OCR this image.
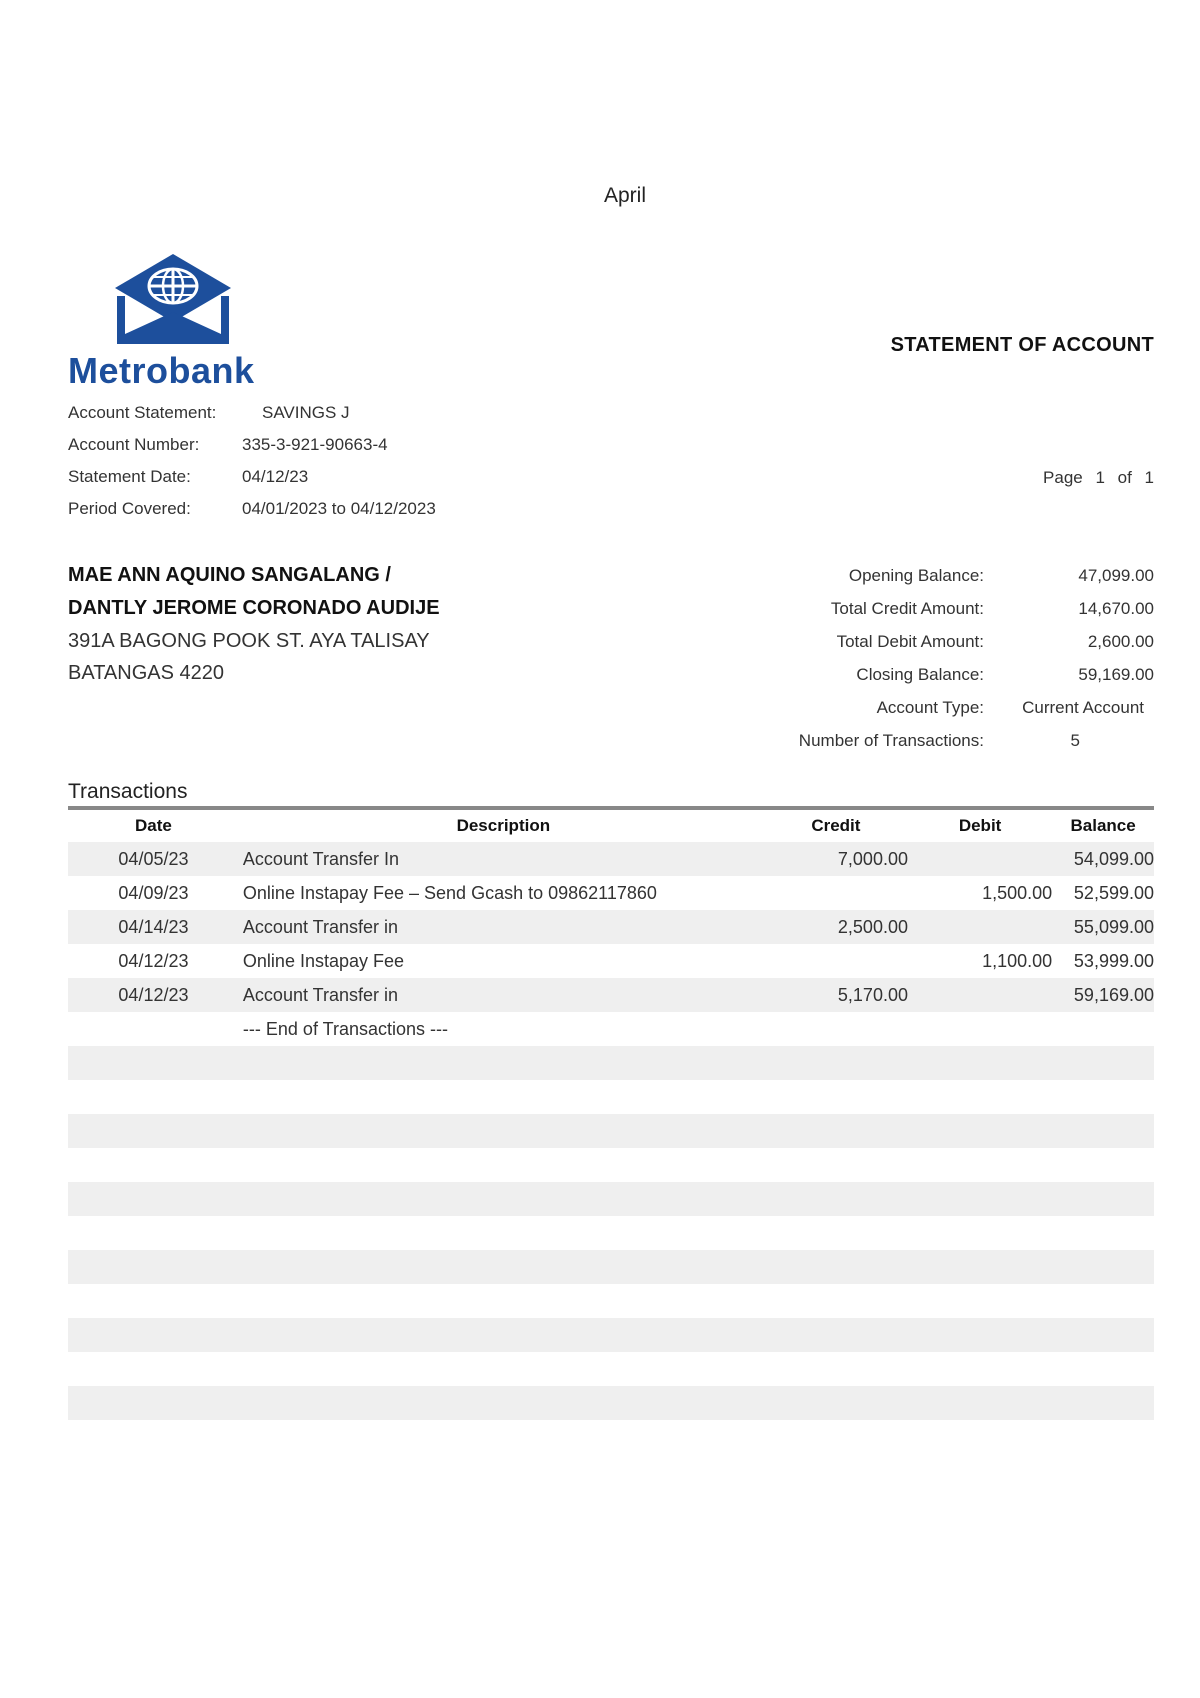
April
Metrobank
STATEMENT OF ACCOUNT
Account Statement:	SAVINGS J
Account Number:	335-3-921-90663-4
Statement Date:	04/12/23
Period Covered:	04/01/2023 to 04/12/2023
Page 1 of 1
MAE ANN AQUINO SANGALANG /
DANTLY JEROME CORONADO AUDIJE
391A BAGONG POOK ST. AYA TALISAY
BATANGAS 4220
Opening Balance:	47,099.00
Total Credit Amount:	14,670.00
Total Debit Amount:	2,600.00
Closing Balance:	59,169.00
Account Type: Current Account
Number of Transactions:	5
Transactions
Date	Description	Credit	Debit	Balance
04/05/23	Account Transfer In	7,000.00		54,099.00
04/09/23	Online Instapay Fee – Send Gcash to 09862117860		1,500.00	52,599.00
04/14/23	Account Transfer in	2,500.00		55,099.00
04/12/23	Online Instapay Fee		1,100.00	53,999.00
04/12/23	Account Transfer in	5,170.00		59,169.00
	--- End of Transactions ---			
